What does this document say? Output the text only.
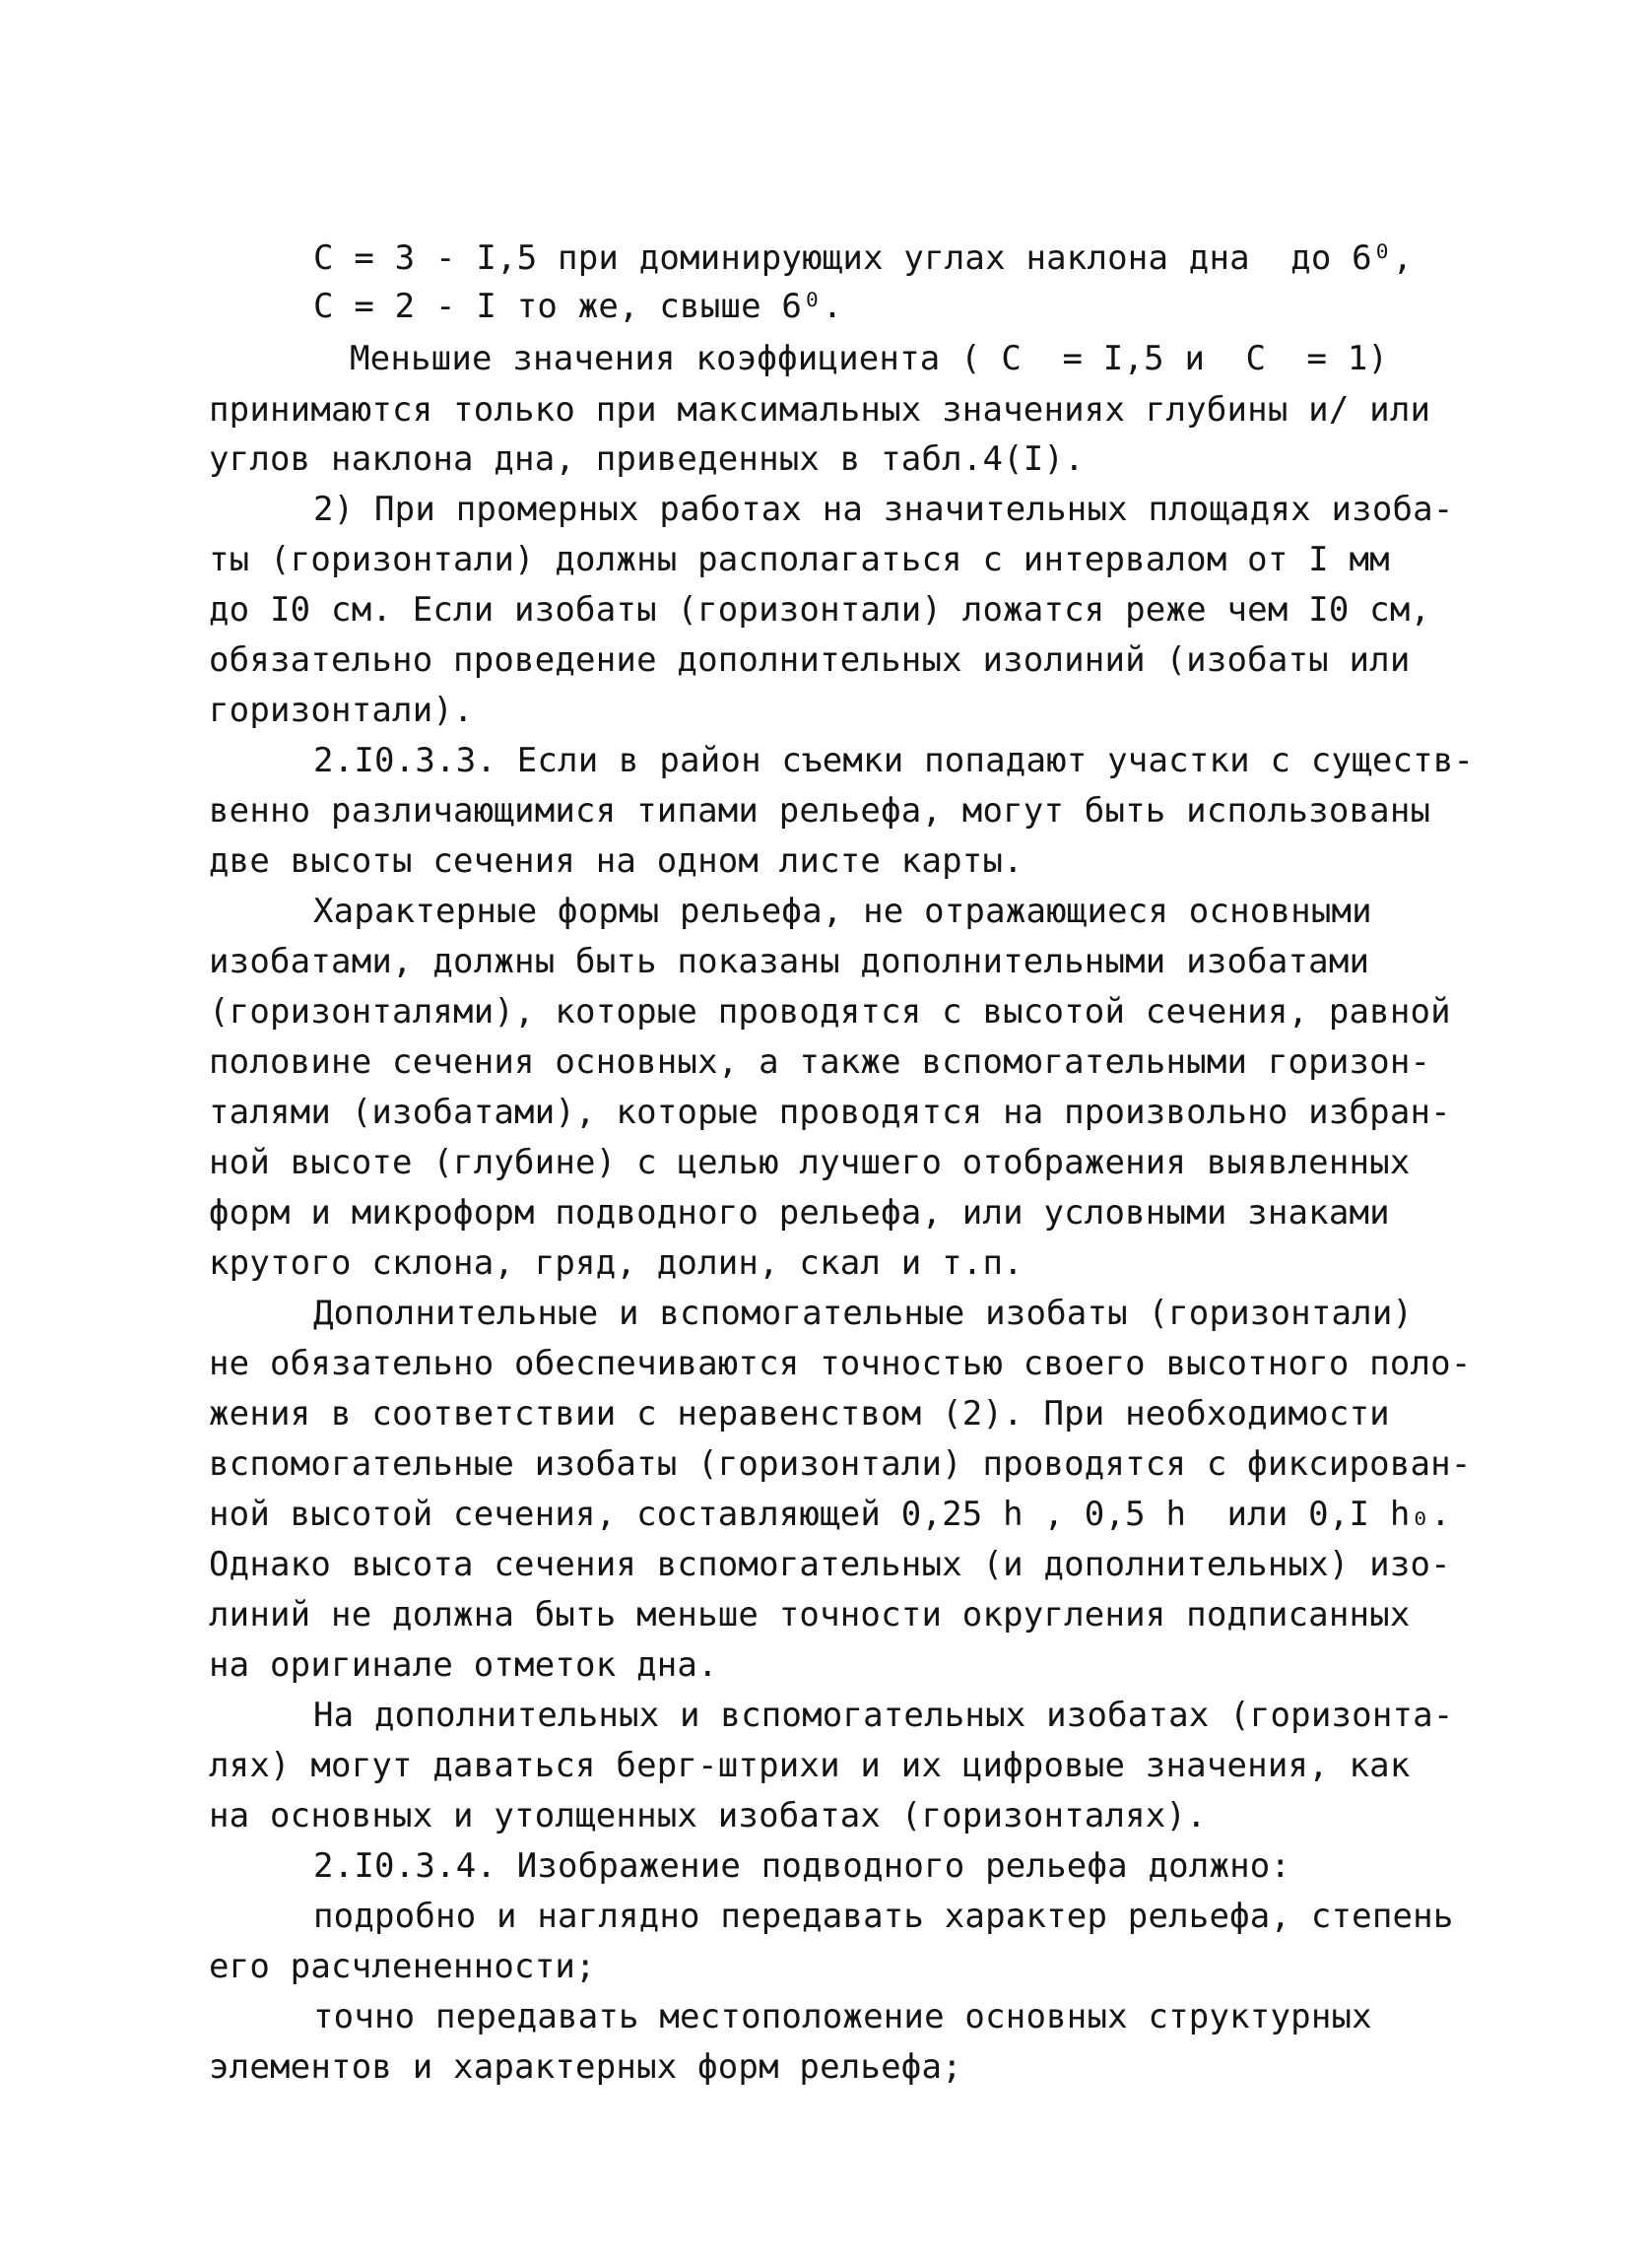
С = 3 - I,5 при доминирующих углах наклона дна  до 6⁰,
С = 2 - I то же, свыше 6⁰.
Меньшие значения коэффициента ( С  = I,5 и  С  = 1)
принимаются только при максимальных значениях глубины и/ или
углов наклона дна, приведенных в табл.4(I).
2) При промерных работах на значительных площадях изоба-
ты (горизонтали) должны располагаться с интервалом от I мм
до I0 см. Если изобаты (горизонтали) ложатся реже чем I0 см,
обязательно проведение дополнительных изолиний (изобаты или
горизонтали).
2.I0.3.3. Если в район съемки попадают участки с существ-
венно различающимися типами рельефа, могут быть использованы
две высоты сечения на одном листе карты.
Характерные формы рельефа, не отражающиеся основными
изобатами, должны быть показаны дополнительными изобатами
(горизонталями), которые проводятся с высотой сечения, равной
половине сечения основных, а также вспомогательными горизон-
талями (изобатами), которые проводятся на произвольно избран-
ной высоте (глубине) с целью лучшего отображения выявленных
форм и микроформ подводного рельефа, или условными знаками
крутого склона, гряд, долин, скал и т.п.
Дополнительные и вспомогательные изобаты (горизонтали)
не обязательно обеспечиваются точностью своего высотного поло-
жения в соответствии с неравенством (2). При необходимости
вспомогательные изобаты (горизонтали) проводятся с фиксирован-
ной высотой сечения, составляющей 0,25 h , 0,5 h  или 0,I h₀.
Однако высота сечения вспомогательных (и дополнительных) изо-
линий не должна быть меньше точности округления подписанных
на оригинале отметок дна.
На дополнительных и вспомогательных изобатах (горизонта-
лях) могут даваться берг-штрихи и их цифровые значения, как
на основных и утолщенных изобатах (горизонталях).
2.I0.3.4. Изображение подводного рельефа должно:
подробно и наглядно передавать характер рельефа, степень
его расчлененности;
точно передавать местоположение основных структурных
элементов и характерных форм рельефа;
